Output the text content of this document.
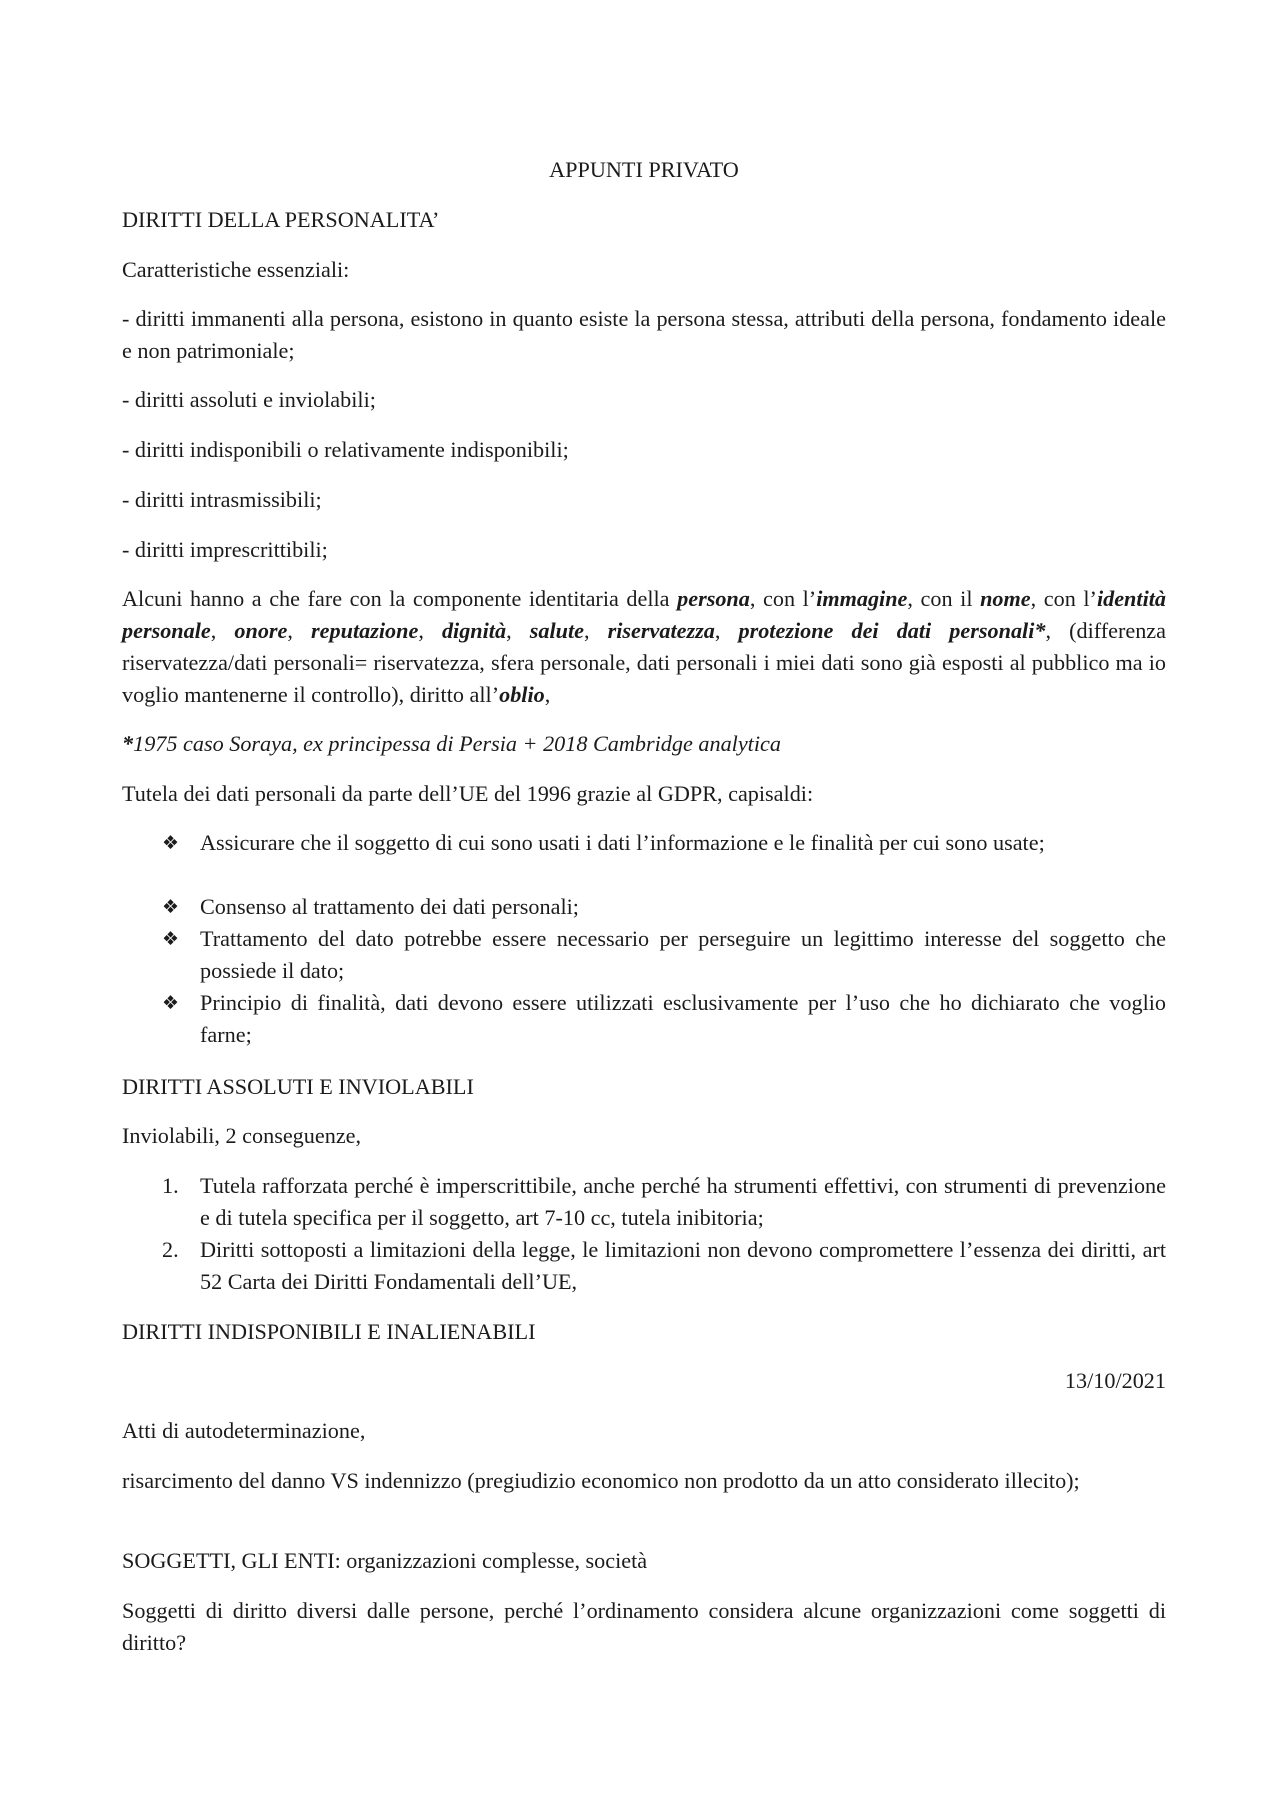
APPUNTI PRIVATO

DIRITTI DELLA PERSONALITA’

Caratteristiche essenziali:

- diritti immanenti alla persona, esistono in quanto esiste la persona stessa, attributi della persona, fondamento ideale e non patrimoniale;

- diritti assoluti e inviolabili;

- diritti indisponibili o relativamente indisponibili;

- diritti intrasmissibili;

- diritti imprescrittibili;

Alcuni hanno a che fare con la componente identitaria della persona, con l’immagine, con il nome, con l’identità personale, onore, reputazione, dignità, salute, riservatezza, protezione dei dati personali*, (differenza riservatezza/dati personali= riservatezza, sfera personale, dati personali i miei dati sono già esposti al pubblico ma io voglio mantenerne il controllo), diritto all’oblio,

*1975 caso Soraya, ex principessa di Persia + 2018 Cambridge analytica

Tutela dei dati personali da parte dell’UE del 1996 grazie al GDPR, capisaldi:

❖ Assicurare che il soggetto di cui sono usati i dati l’informazione e le finalità per cui sono usate;
❖ Consenso al trattamento dei dati personali;
❖ Trattamento del dato potrebbe essere necessario per perseguire un legittimo interesse del soggetto che possiede il dato;
❖ Principio di finalità, dati devono essere utilizzati esclusivamente per l’uso che ho dichiarato che voglio farne;

DIRITTI ASSOLUTI E INVIOLABILI

Inviolabili, 2 conseguenze,

1. Tutela rafforzata perché è imperscrittibile, anche perché ha strumenti effettivi, con strumenti di prevenzione e di tutela specifica per il soggetto, art 7-10 cc, tutela inibitoria;
2. Diritti sottoposti a limitazioni della legge, le limitazioni non devono compromettere l’essenza dei diritti, art 52 Carta dei Diritti Fondamentali dell’UE,

DIRITTI INDISPONIBILI E INALIENABILI

13/10/2021

Atti di autodeterminazione,

risarcimento del danno VS indennizzo (pregiudizio economico non prodotto da un atto considerato illecito);

SOGGETTI, GLI ENTI: organizzazioni complesse, società

Soggetti di diritto diversi dalle persone, perché l’ordinamento considera alcune organizzazioni come soggetti di diritto?
